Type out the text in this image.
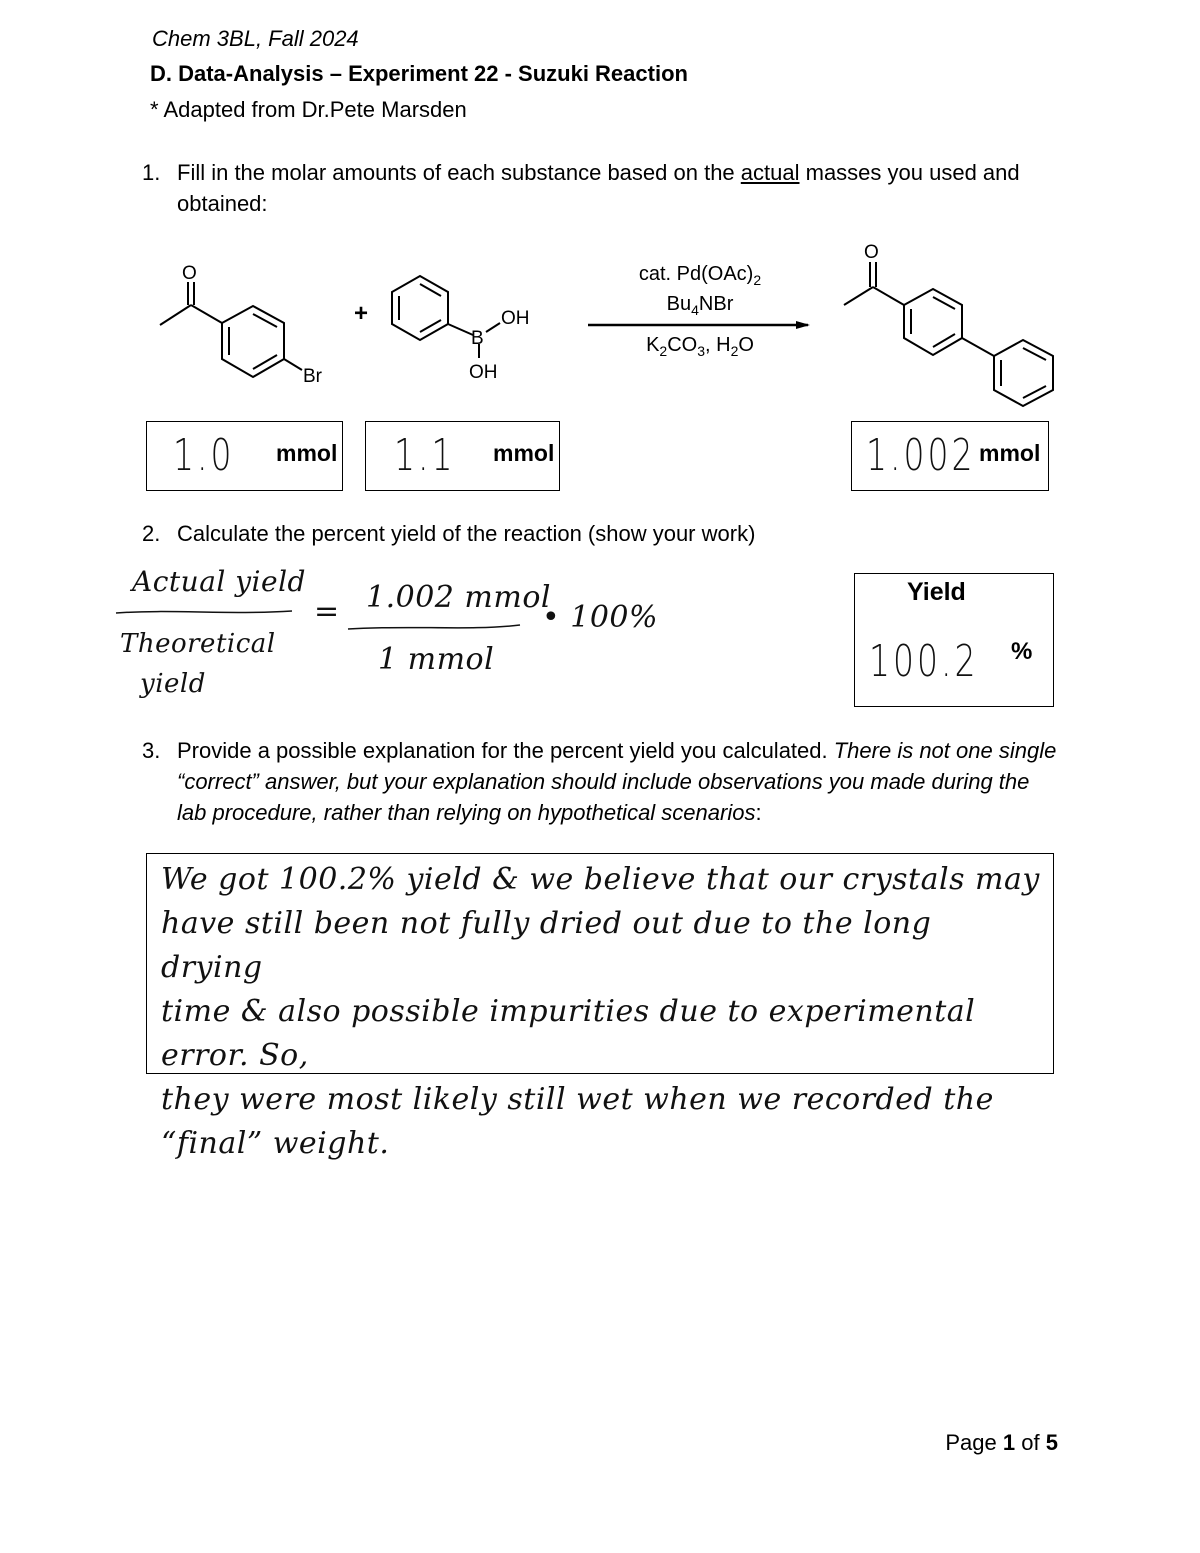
Chem 3BL, Fall 2024
D. Data-Analysis – Experiment 22 - Suzuki Reaction
* Adapted from Dr.Pete Marsden
1. Fill in the molar amounts of each substance based on the actual masses you used and obtained:
O
Br
+
B
OH
OH
O
cat. $Pd(OAc)_2$
$Bu_4NBr$
$K_2CO_3$, $H_2O$
1.0 mmol 1.1 mmol	1.002 mmol
2. Calculate the percent yield of the reaction (show your work)
Actual yield
Theoretical
yield
= 1.002 mmol
1 mmol
• 100%
Yield
100.2 %
3. Provide a possible explanation for the percent yield you calculated. There is not one single “correct” answer, but your explanation should include observations you made during the lab procedure, rather than relying on hypothetical scenarios:
We got 100.2% yield & we believe that our crystals may
have still been not fully dried out due to the long drying
time & also possible impurities due to experimental error. So,
they were most likely still wet when we recorded the
“final” weight.
Page 1 of 5
